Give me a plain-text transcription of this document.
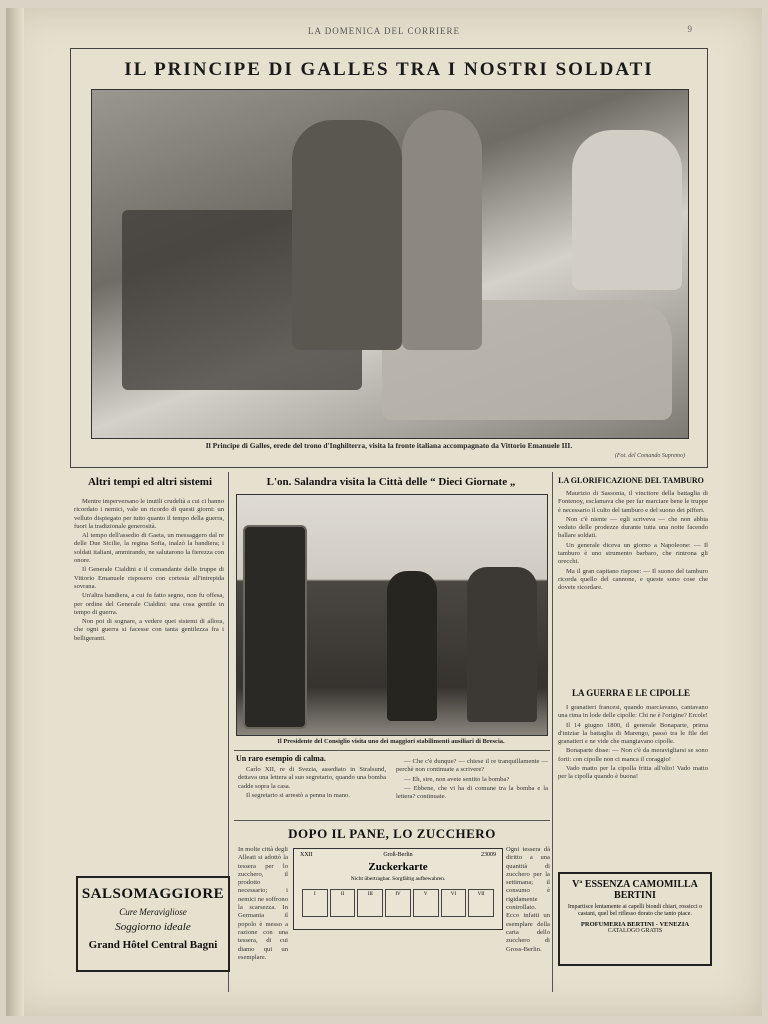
LA DOMENICA DEL CORRIERE	9
IL PRINCIPE DI GALLES TRA I NOSTRI SOLDATI
Il Principe di Galles, erede del trono d'Inghilterra, visita la fronte italiana accompagnato da Vittorio Emanuele III.
(Fot. del Comando Supremo)
Altri tempi ed altri sistemi

Mentre imperversano le inutili crudeltà a cui ci hanno ricordato i nemici, vale un ricordo di questi giorni: un velluto dispiegato per tutto quanto il tempo della guerra, fuori la tradizionale generosità.

Al tempo dell'assedio di Gaeta, un messaggero dal re delle Due Sicilie, la regina Sofia, inalzò la bandiera; i soldati italiani, ammirando, ne salutarono la fierezza con onore.

Il Generale Cialdini e il comandante delle truppe di Vittorio Emanuele risposero con cortesia all'intrepida sovrana.

Un'altra bandiera, a cui fu fatto segno, non fu offesa, per ordine del Generale Cialdini: una cosa gentile in tempo di guerra.

Non poi di sognare, a vedere quei sistemi di allora, che ogni guerra si facesse con tanta gentilezza fra i belligeranti.

SALSOMAGGIORE
Cure Meravigliose
Soggiorno ideale
Grand Hôtel Central Bagni
L'on. Salandra visita la Città delle “ Dieci Giornate „
Il Presidente del Consiglio visita uno dei maggiori stabilimenti ausiliari di Brescia.
Un raro esempio di calma.

Carlo XII, re di Svezia, assediato in Stralsund, dettava una lettera al suo segretario, quando una bomba cadde sopra la casa.

Il segretario si arrestò a penna in mano.

— Che c'è dunque? — chiese il re tranquillamente — perchè non continuate a scrivere?

— Eh, sire, non avete sentito la bomba?

— Ebbene, che vi ha di comune tra la bomba e la lettera? continuate.

DOPO IL PANE, LO ZUCCHERO
In molte città degli Alleati si adottò la tessera per lo zucchero, il prodotto necessario; i nemici ne soffrono la scarsezza. In Germania il popolo è messo a razione con una tessera, di cui diamo qui un esemplare.
Ogni tessera dà diritto a una quantità di zucchero per la settimana; il consumo è rigidamente controllato. Ecco infatti un esemplare della carta dello zucchero di Gross-Berlin.
XXII	Groß-Berlin	23009
Zuckerkarte
Nicht übertragbar. Sorgfältig aufbewahren.
I	II	III	IV	V	VI	VII
LA GLORIFICAZIONE DEL TAMBURO

Maurizio di Sassonia, il vincitore della battaglia di Fontenoy, esclamava che per far marciare bene le truppe è necessario il culto del tamburo e del suono dei pifferi.

Non c'è niente — egli scriveva — che non abbia veduto delle prodezze durante tutta una notte facendo ballare soldati.

Un generale diceva un giorno a Napoleone: — Il tamburo è uno strumento barbaro, che rintrona gli orecchi.

Ma il gran capitano rispose: — Il suono del tamburo ricorda quello del cannone, e queste sono cose che dovete ricordare.

LA GUERRA E LE CIPOLLE

I granatieri francesi, quando marciavano, cantavano una rima in lode delle cipolle: Chi ne è l'origine? Ercole!

Il 14 giugno 1800, il generale Bonaparte, prima d'iniziar la battaglia di Marengo, passò tra le file dei granatieri e ne vide che mangiavano cipolle.

Bonaparte disse: — Non c'è da meravigliarsi se sono forti: con cipolle non ci manca il coraggio!

Vado matto per la cipolla fritta all'olio! Vado matto per la cipolla quando è buona!

Vª ESSENZA CAMOMILLA
BERTINI
Impartisce lentamente ai capelli biondi chiari, rossicci o castani, quel bel riflesso dorato che tanto piace.
PROFUMERIA BERTINI - VENEZIA
CATALOGO GRATIS
